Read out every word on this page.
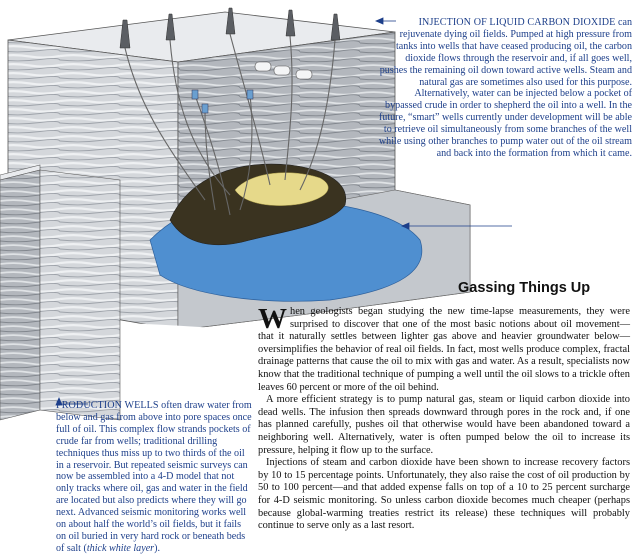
INJECTION OF LIQUID CARBON DIOXIDE can rejuvenate dying oil fields. Pumped at high pressure from tanks into wells that have ceased producing oil, the carbon dioxide flows through the reservoir and, if all goes well, pushes the remaining oil down toward active wells. Steam and natural gas are sometimes also used for this purpose. Alternatively, water can be injected below a pocket of bypassed crude in order to shepherd the oil into a well. In the future, “smart” wells currently under development will be able to retrieve oil simultaneously from some branches of the well while using other branches to pump water out of the oil stream and back into the formation from which it came.
PRODUCTION WELLS often draw water from below and gas from above into pore spaces once full of oil. This complex flow strands pockets of crude far from wells; traditional drilling techniques thus miss up to two thirds of the oil in a reservoir. But repeated seismic surveys can now be assembled into a 4-D model that not only tracks where oil, gas and water in the field are located but also predicts where they will go next. Advanced seismic monitoring works well on about half the world’s oil fields, but it fails on oil buried in very hard rock or beneath beds of salt (thick white layer).
Gassing Things Up

When geologists began studying the new time-lapse measurements, they were surprised to discover that one of the most basic notions about oil movement—that it naturally settles between lighter gas above and heavier groundwater below—oversimplifies the behavior of real oil fields. In fact, most wells produce complex, fractal drainage patterns that cause the oil to mix with gas and water. As a result, specialists now know that the traditional technique of pumping a well until the oil slows to a trickle often leaves 60 percent or more of the oil behind.

A more efficient strategy is to pump natural gas, steam or liquid carbon dioxide into dead wells. The infusion then spreads downward through pores in the rock and, if one has planned carefully, pushes oil that otherwise would have been abandoned toward a neighboring well. Alternatively, water is often pumped below the oil to increase its pressure, helping it flow up to the surface.

Injections of steam and carbon dioxide have been shown to increase recovery factors by 10 to 15 percentage points. Unfortunately, they also raise the cost of oil production by 50 to 100 percent—and that added expense falls on top of a 10 to 25 percent surcharge for 4-D seismic monitoring. So unless carbon dioxide becomes much cheaper (perhaps because global-warming treaties restrict its release) these techniques will probably continue to serve only as a last resort.
